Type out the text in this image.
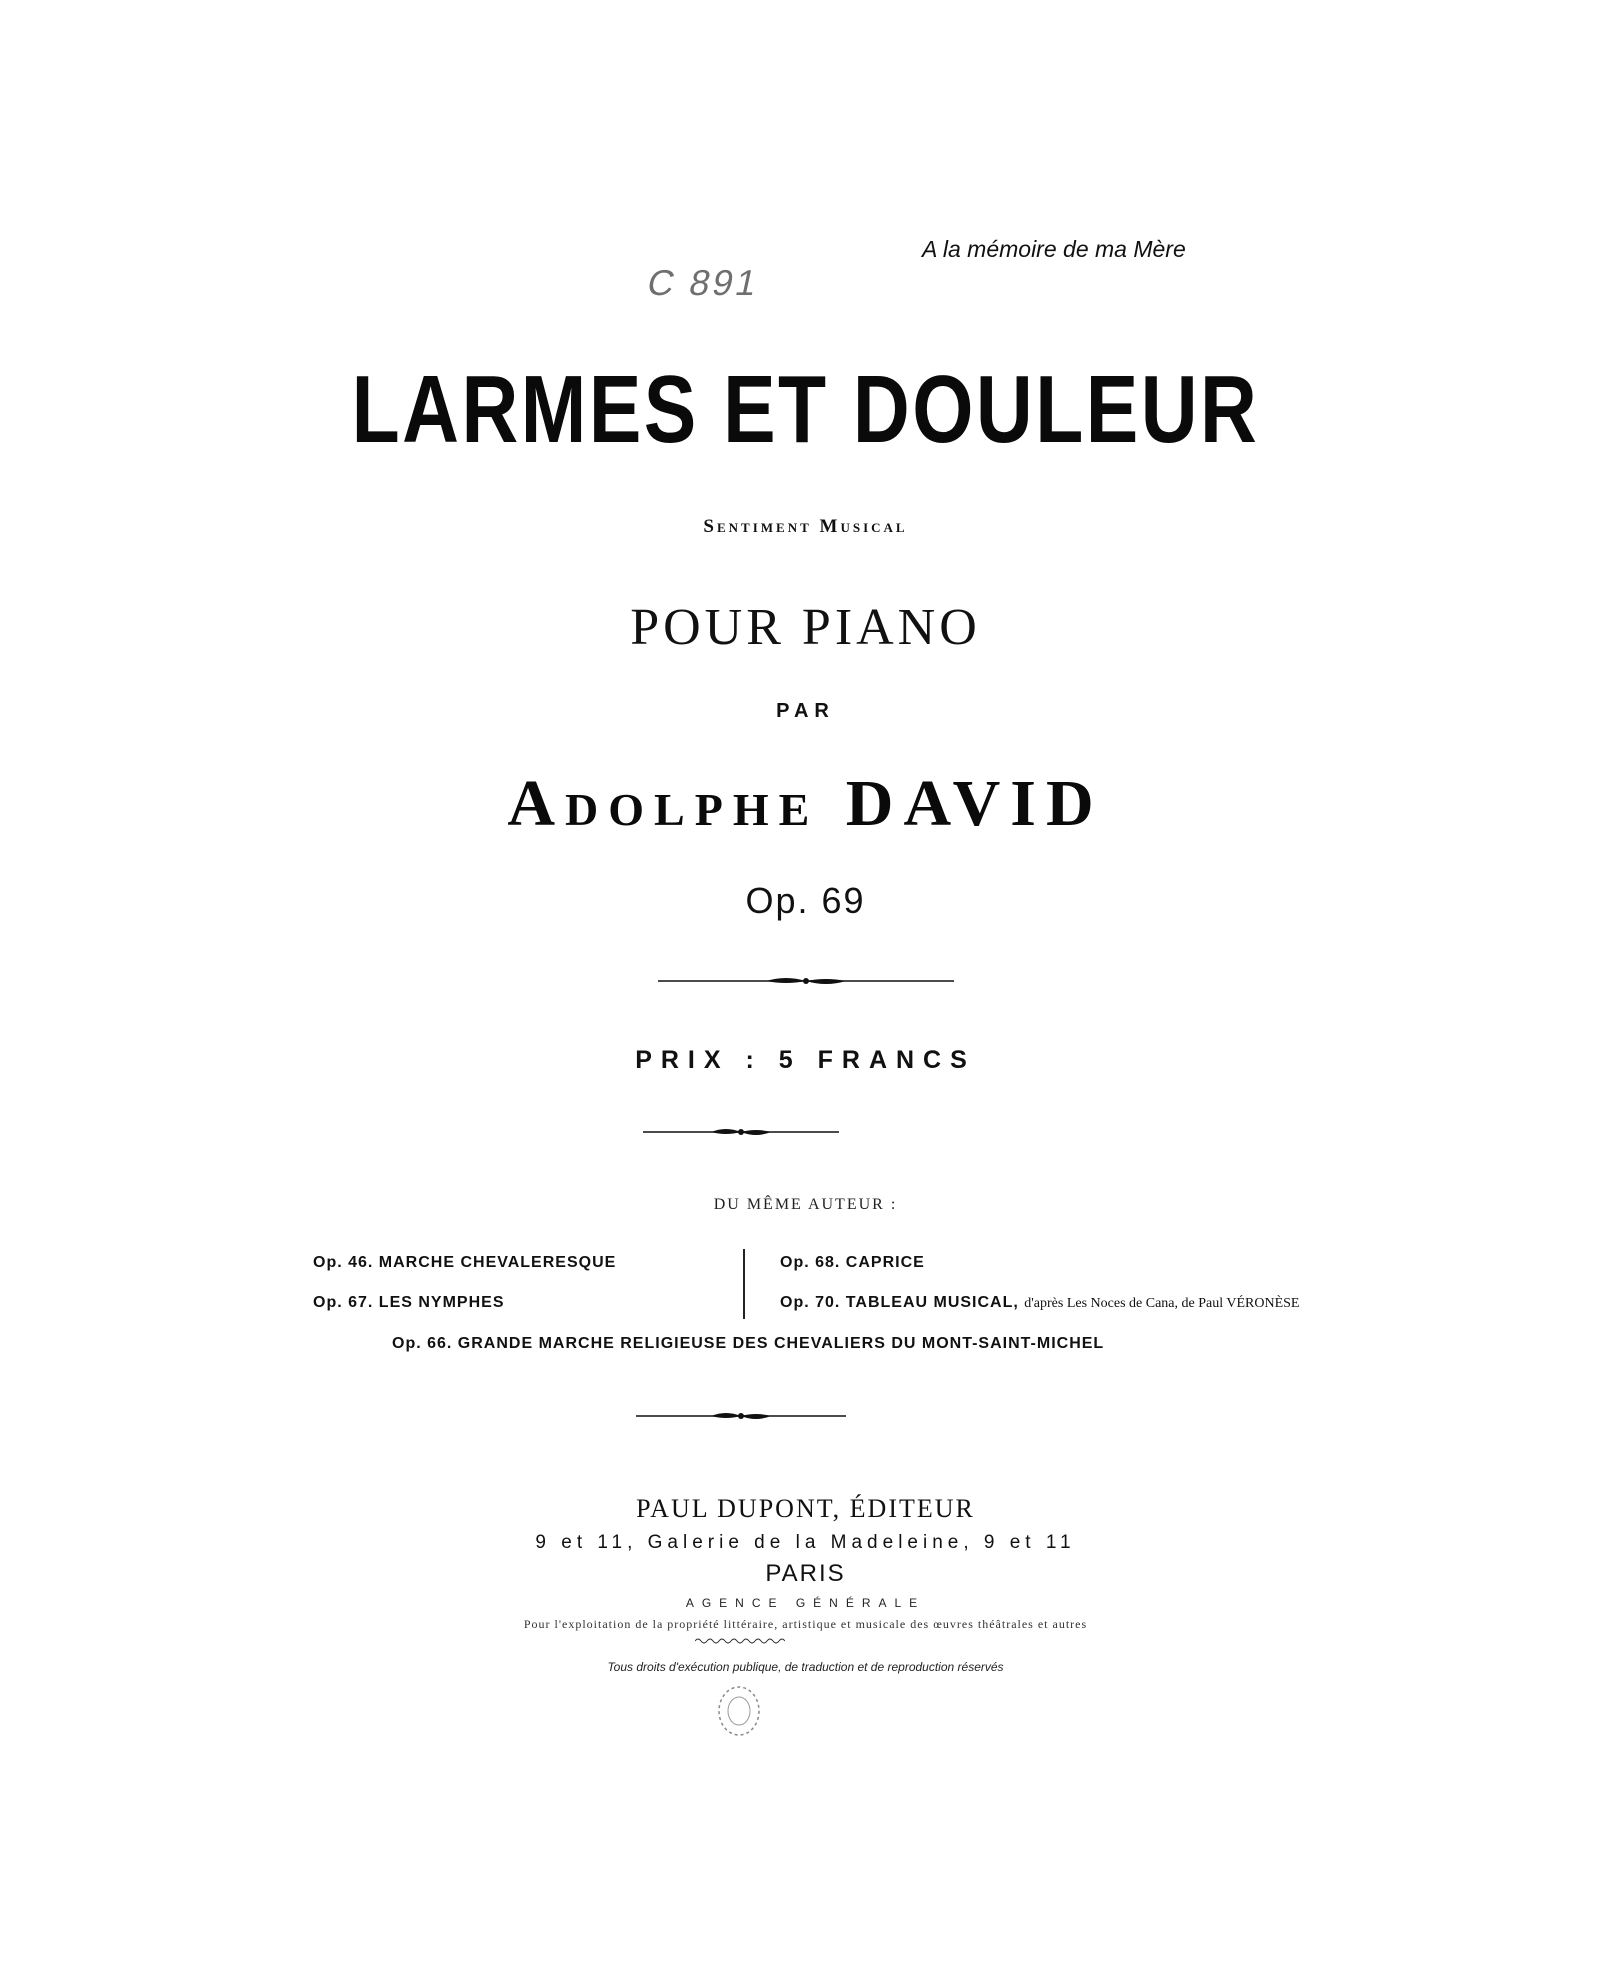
A la mémoire de ma Mère
C 891
LARMES ET DOULEUR
Sentiment Musical
POUR PIANO
PAR
Adolphe DAVID
Op. 69
PRIX : 5 FRANCS
DU MÊME AUTEUR :
Op. 46. MARCHE CHEVALERESQUE
Op. 67. LES NYMPHES
Op. 68. CAPRICE
Op. 70. TABLEAU MUSICAL, d'après Les Noces de Cana, de Paul VÉRONÈSE
Op. 66. GRANDE MARCHE RELIGIEUSE DES CHEVALIERS DU MONT-SAINT-MICHEL
PAUL DUPONT, ÉDITEUR
9 et 11, Galerie de la Madeleine, 9 et 11
PARIS
AGENCE GÉNÉRALE
Pour l'exploitation de la propriété littéraire, artistique et musicale des œuvres théâtrales et autres
Tous droits d'exécution publique, de traduction et de reproduction réservés
